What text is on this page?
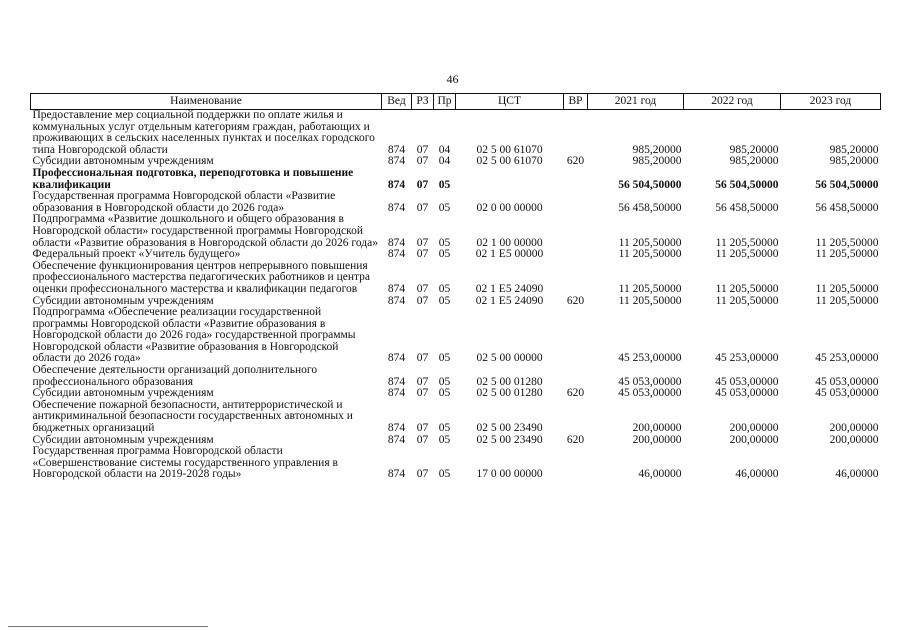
46
Наименование	Вед	РЗ	Пр	ЦСТ	ВР	2021 год	2022 год	2023 год
Предоставление мер социальной поддержки по оплате жилья и коммунальных услуг отдельным категориям граждан, работающих и проживающих в сельских населенных пунктах и поселках городского типа Новгородской области	874	07	04	02 5 00 61070		985,20000	985,20000	985,20000
Субсидии автономным учреждениям	874	07	04	02 5 00 61070	620	985,20000	985,20000	985,20000
Профессиональная подготовка, переподготовка и повышение квалификации	874	07	05			56 504,50000	56 504,50000	56 504,50000
Государственная программа Новгородской области «Развитие образования в Новгородской области до 2026 года»	874	07	05	02 0 00 00000		56 458,50000	56 458,50000	56 458,50000
Подпрограмма «Развитие дошкольного и общего образования в Новгородской области» государственной программы Новгородской области «Развитие образования в Новгородской области до 2026 года»	874	07	05	02 1 00 00000		11 205,50000	11 205,50000	11 205,50000
Федеральный проект «Учитель будущего»	874	07	05	02 1 E5 00000		11 205,50000	11 205,50000	11 205,50000
Обеспечение функционирования центров непрерывного повышения профессионального мастерства педагогических работников и центра оценки профессионального мастерства и квалификации педагогов	874	07	05	02 1 E5 24090		11 205,50000	11 205,50000	11 205,50000
Субсидии автономным учреждениям	874	07	05	02 1 E5 24090	620	11 205,50000	11 205,50000	11 205,50000
Подпрограмма «Обеспечение реализации государственной программы Новгородской области «Развитие образования в Новгородской области до 2026 года» государственной программы Новгородской области «Развитие образования в Новгородской области до 2026 года»	874	07	05	02 5 00 00000		45 253,00000	45 253,00000	45 253,00000
Обеспечение деятельности организаций дополнительного профессионального образования	874	07	05	02 5 00 01280		45 053,00000	45 053,00000	45 053,00000
Субсидии автономным учреждениям	874	07	05	02 5 00 01280	620	45 053,00000	45 053,00000	45 053,00000
Обеспечение пожарной безопасности, антитеррористической и антикриминальной безопасности государственных автономных и бюджетных организаций	874	07	05	02 5 00 23490		200,00000	200,00000	200,00000
Субсидии автономным учреждениям	874	07	05	02 5 00 23490	620	200,00000	200,00000	200,00000
Государственная программа Новгородской области «Совершенствование системы государственного управления в Новгородской области на 2019-2028 годы»	874	07	05	17 0 00 00000		46,00000	46,00000	46,00000
